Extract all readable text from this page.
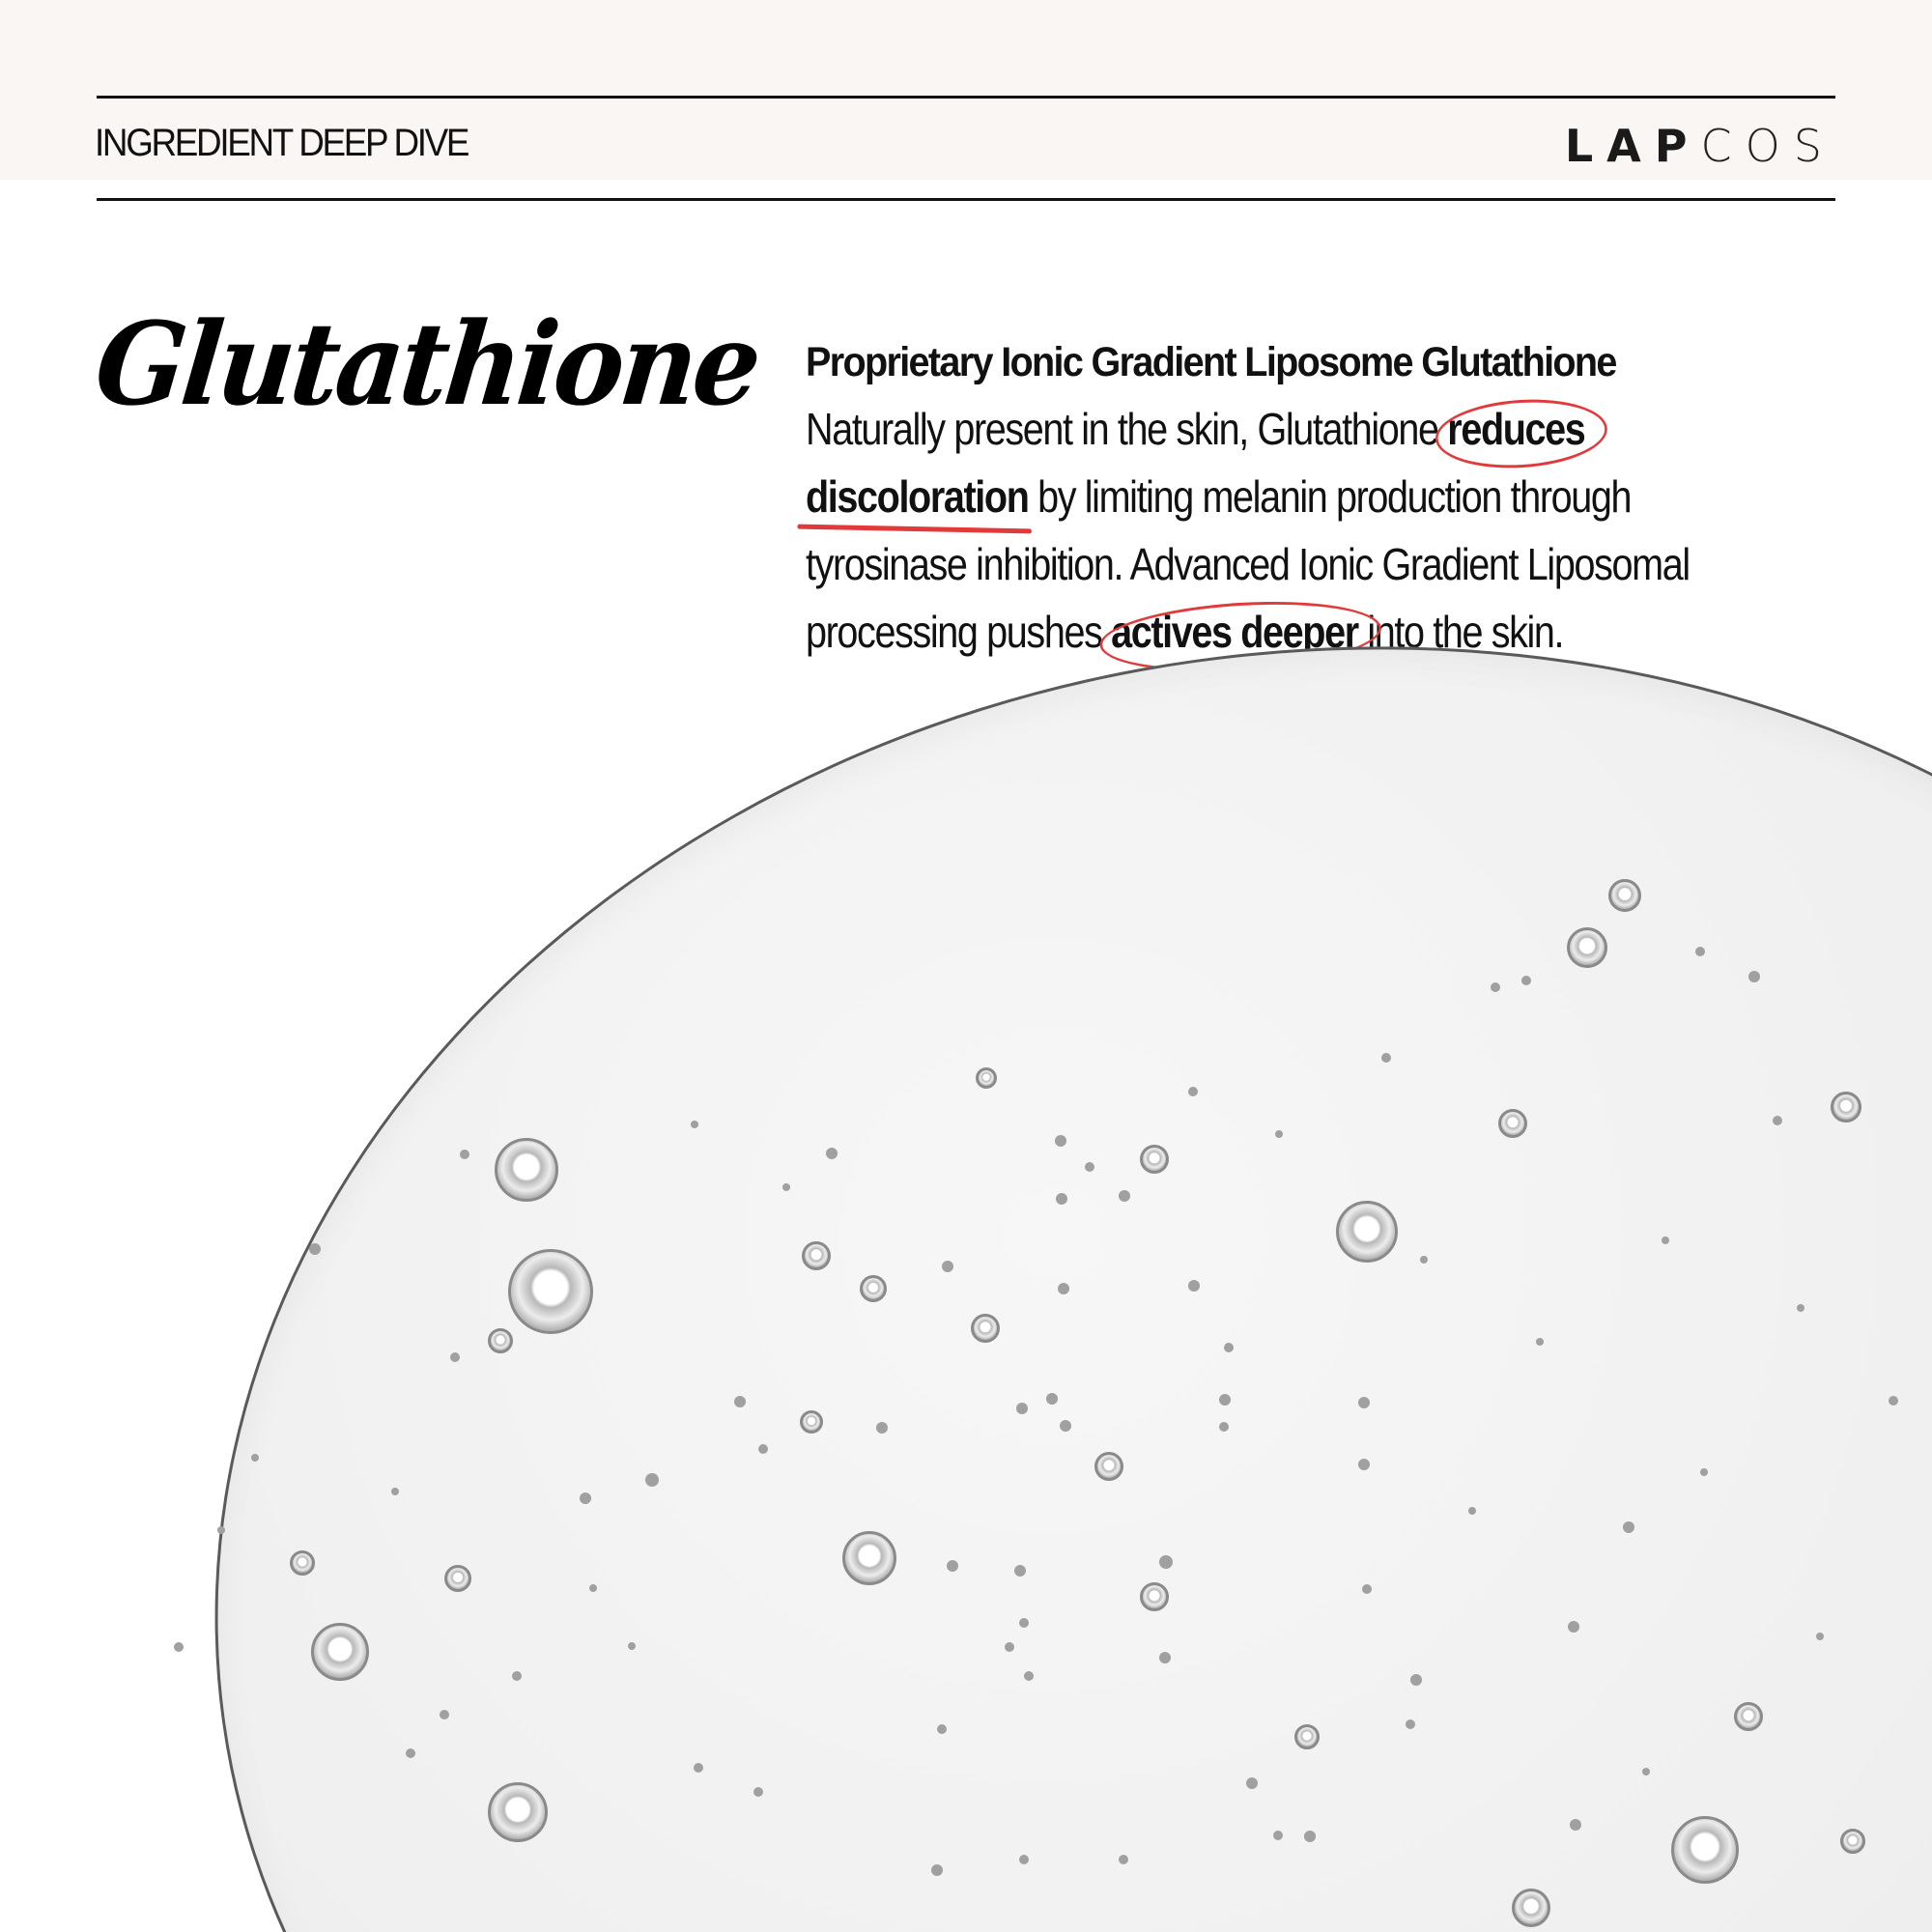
INGREDIENT DEEP DIVE	LAPCOS
Glutathione Proprietary Ionic Gradient Liposome Glutathione
Naturally present in the skin, Glutathione reduces
discoloration by limiting melanin production through
tyrosinase inhibition. Advanced Ionic Gradient Liposomal
processing pushes actives deeper into the skin.
